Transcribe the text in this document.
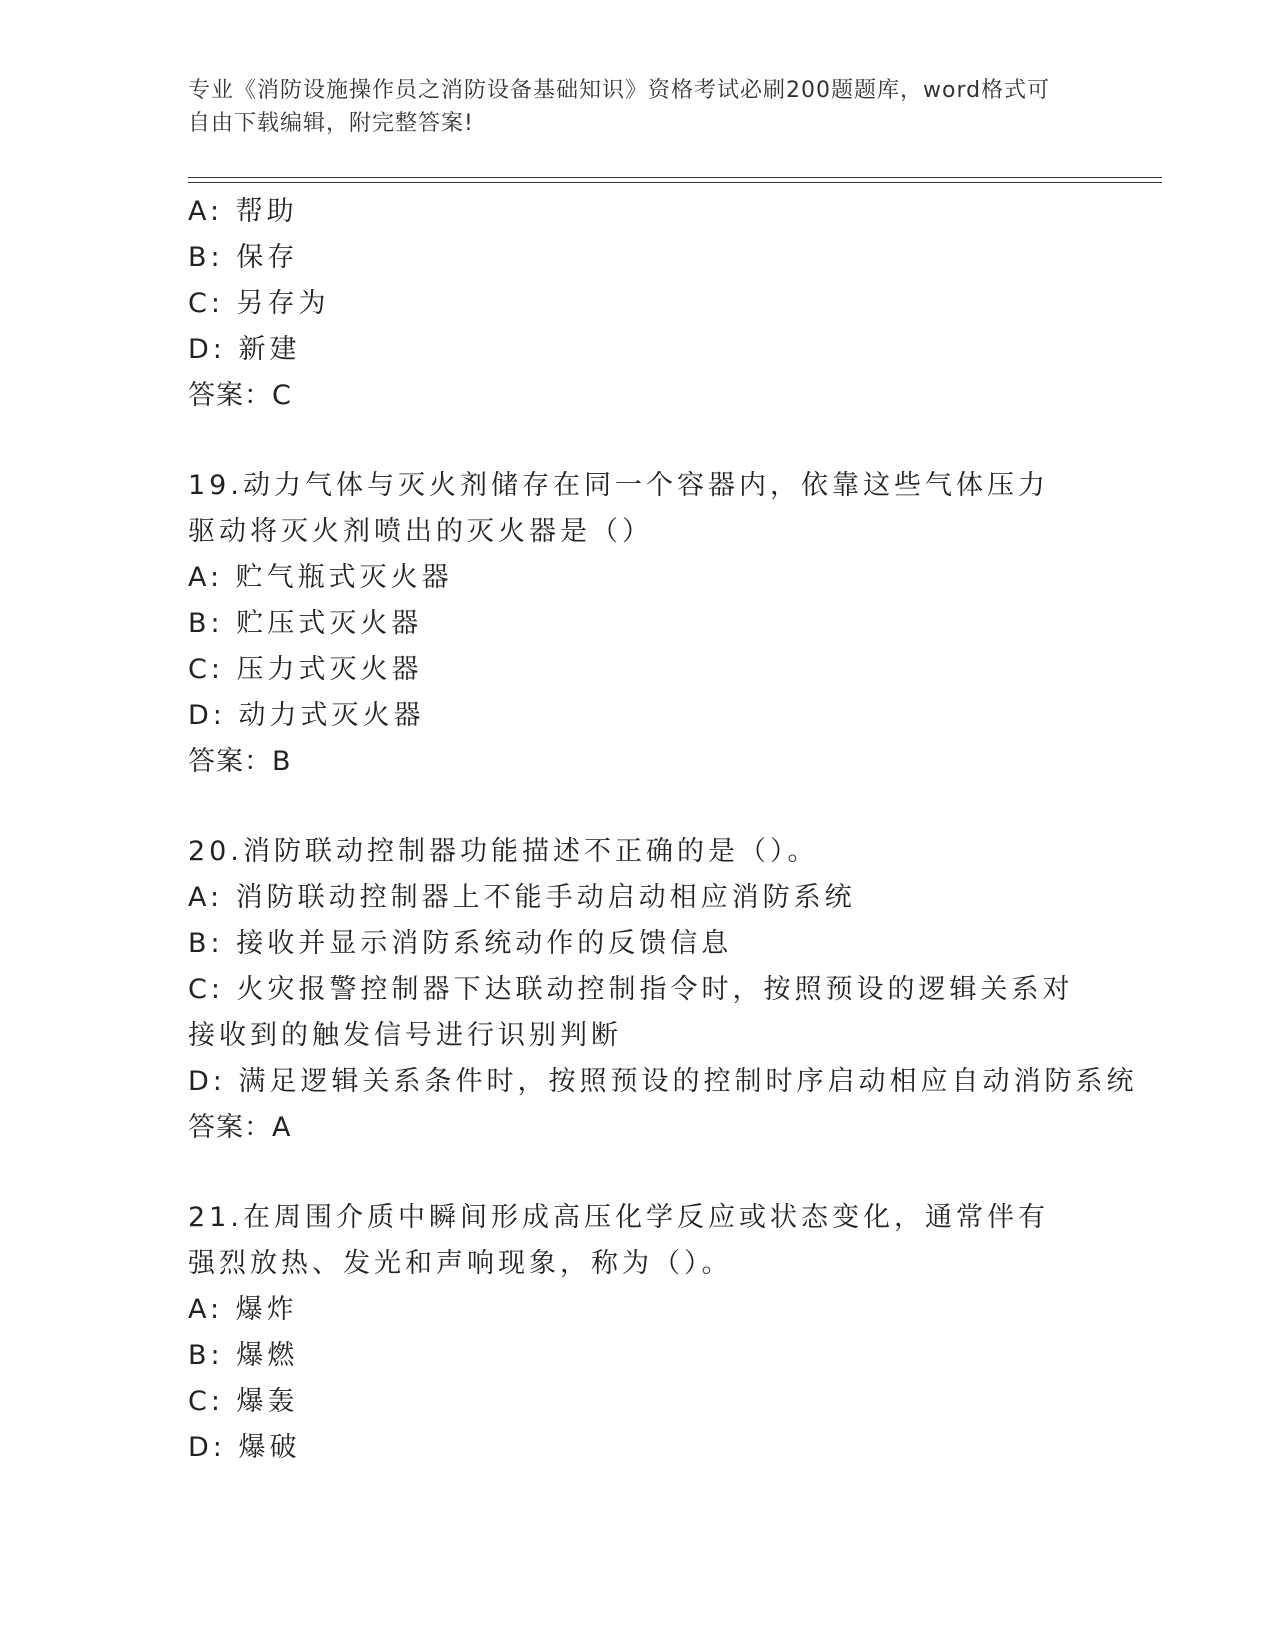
专业《消防设施操作员之消防设备基础知识》资格考试必刷200题题库，word格式可自由下载编辑，附完整答案!
A: 帮助
B: 保存
C: 另存为
D: 新建
答案：C
19.动力气体与灭火剂储存在同一个容器内，依靠这些气体压力驱动将灭火剂喷出的灭火器是（）
A: 贮气瓶式灭火器
B: 贮压式灭火器
C: 压力式灭火器
D: 动力式灭火器
答案：B
20.消防联动控制器功能描述不正确的是（）。
A: 消防联动控制器上不能手动启动相应消防系统
B: 接收并显示消防系统动作的反馈信息
C: 火灾报警控制器下达联动控制指令时，按照预设的逻辑关系对接收到的触发信号进行识别判断
D: 满足逻辑关系条件时，按照预设的控制时序启动相应自动消防系统
答案：A
21.在周围介质中瞬间形成高压化学反应或状态变化，通常伴有强烈放热、发光和声响现象，称为（）。
A: 爆炸
B: 爆燃
C: 爆轰
D: 爆破
